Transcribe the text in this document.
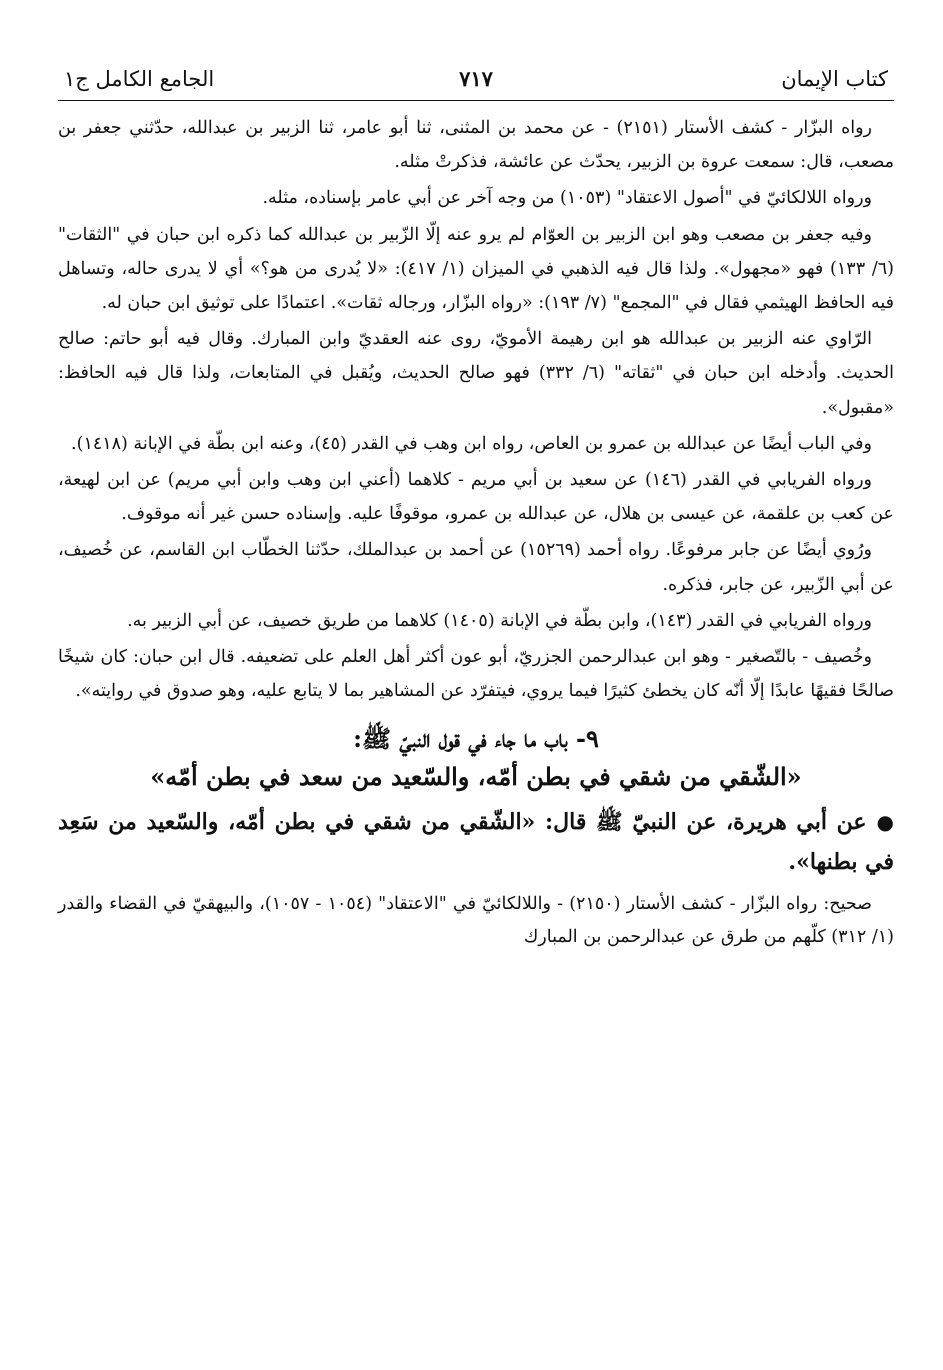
كتاب الإيمان
٧١٧
الجامع الكامل ج١

رواه البزّار - كشف الأستار (٢١٥١) - عن محمد بن المثنى، ثنا أبو عامر، ثنا الزبير بن عبدالله، حدّثني جعفر بن مصعب، قال: سمعت عروة بن الزبير، يحدّث عن عائشة، فذكرتْ مثله.

ورواه اللالكائيّ في "أصول الاعتقاد" (١٠٥٣) من وجه آخر عن أبي عامر بإسناده، مثله.

وفيه جعفر بن مصعب وهو ابن الزبير بن العوّام لم يرو عنه إلّا الزّبير بن عبدالله كما ذكره ابن حبان في "الثقات" (٦/ ١٣٣) فهو «مجهول». ولذا قال فيه الذهبي في الميزان (١/ ٤١٧): «لا يُدرى من هو؟» أي لا يدرى حاله، وتساهل فيه الحافظ الهيثمي فقال في "المجمع" (٧/ ١٩٣): «رواه البزّار، ورجاله ثقات». اعتمادًا على توثيق ابن حبان له.

الرّاوي عنه الزبير بن عبدالله هو ابن رهيمة الأمويّ، روى عنه العقديّ وابن المبارك. وقال فيه أبو حاتم: صالح الحديث. وأدخله ابن حبان في "ثقاته" (٦/ ٣٣٢) فهو صالح الحديث، ويُقبل في المتابعات، ولذا قال فيه الحافظ: «مقبول».

وفي الباب أيضًا عن عبدالله بن عمرو بن العاص، رواه ابن وهب في القدر (٤٥)، وعنه ابن بطّة في الإبانة (١٤١٨).

ورواه الفريابي في القدر (١٤٦) عن سعيد بن أبي مريم - كلاهما (أعني ابن وهب وابن أبي مريم) عن ابن لهيعة، عن كعب بن علقمة، عن عيسى بن هلال، عن عبدالله بن عمرو، موقوفًا عليه. وإسناده حسن غير أنه موقوف.

ورُوي أيضًا عن جابر مرفوعًا. رواه أحمد (١٥٢٦٩) عن أحمد بن عبدالملك، حدّثنا الخطّاب ابن القاسم، عن خُصيف، عن أبي الزّبير، عن جابر، فذكره.

ورواه الفريابي في القدر (١٤٣)، وابن بطّة في الإبانة (١٤٠٥) كلاهما من طريق خصيف، عن أبي الزبير به.

وخُصيف - بالتّصغير - وهو ابن عبدالرحمن الجزريّ، أبو عون أكثر أهل العلم على تضعيفه. قال ابن حبان: كان شيخًا صالحًا فقيهًا عابدًا إلّا أنّه كان يخطئ كثيرًا فيما يروي، فيتفرّد عن المشاهير بما لا يتابع عليه، وهو صدوق في روايته».

٩- باب ما جاء في قول النبيّ ﷺ:
«الشّقي من شقي في بطن أمّه، والسّعيد من سعد في بطن أمّه»

●عن أبي هريرة، عن النبيّ ﷺ قال: «الشّقي من شقي في بطن أمّه، والسّعيد من سَعِد في بطنها».

صحيح: رواه البزّار - كشف الأستار (٢١٥٠) - واللالكائيّ في "الاعتقاد" (١٠٥٤ - ١٠٥٧)، والبيهقيّ في القضاء والقدر (١/ ٣١٢) كلّهم من طرق عن عبدالرحمن بن المبارك
